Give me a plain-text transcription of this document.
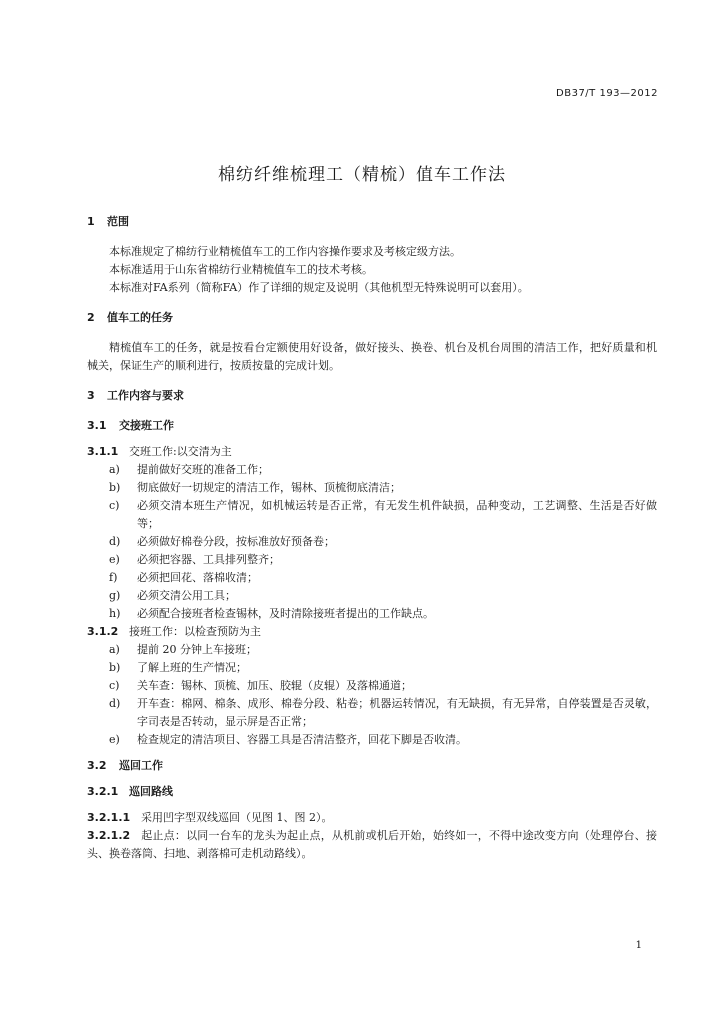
DB37/T 193—2012
棉纺纤维梳理工（精梳）值车工作法
1 范围
本标准规定了棉纺行业精梳值车工的工作内容操作要求及考核定级方法。
本标准适用于山东省棉纺行业精梳值车工的技术考核。
本标准对FA系列（简称FA）作了详细的规定及说明（其他机型无特殊说明可以套用）。
2 值车工的任务
精梳值车工的任务，就是按看台定额使用好设备，做好接头、换卷、机台及机台周围的清洁工作，把好质量和机械关，保证生产的顺利进行，按质按量的完成计划。
3 工作内容与要求
3.1 交接班工作
3.1.1 交班工作:以交清为主
a)	提前做好交班的准备工作；
b)	彻底做好一切规定的清洁工作，锡林、顶梳彻底清洁；
c)	必须交清本班生产情况，如机械运转是否正常，有无发生机件缺损，品种变动，工艺调整、生活是否好做等；
d)	必须做好棉卷分段，按标准放好预备卷；
e)	必须把容器、工具排列整齐；
f)	必须把回花、落棉收清；
g)	必须交清公用工具；
h)	必须配合接班者检查锡林，及时清除接班者提出的工作缺点。
3.1.2 接班工作：以检查预防为主
a)	提前 20 分钟上车接班；
b)	了解上班的生产情况；
c)	关车查：锡林、顶梳、加压、胶辊（皮辊）及落棉通道；
d)	开车查：棉网、棉条、成形、棉卷分段、粘卷；机器运转情况，有无缺损，有无异常，自停装置是否灵敏，字司表是否转动，显示屏是否正常；
e)	检查规定的清洁项目、容器工具是否清洁整齐，回花下脚是否收清。
3.2 巡回工作
3.2.1 巡回路线
3.2.1.1 采用凹字型双线巡回（见图 1、图 2）。
3.2.1.2 起止点：以同一台车的龙头为起止点，从机前或机后开始，始终如一，不得中途改变方向（处理停台、接头、换卷落筒、扫地、剥落棉可走机动路线）。
1
